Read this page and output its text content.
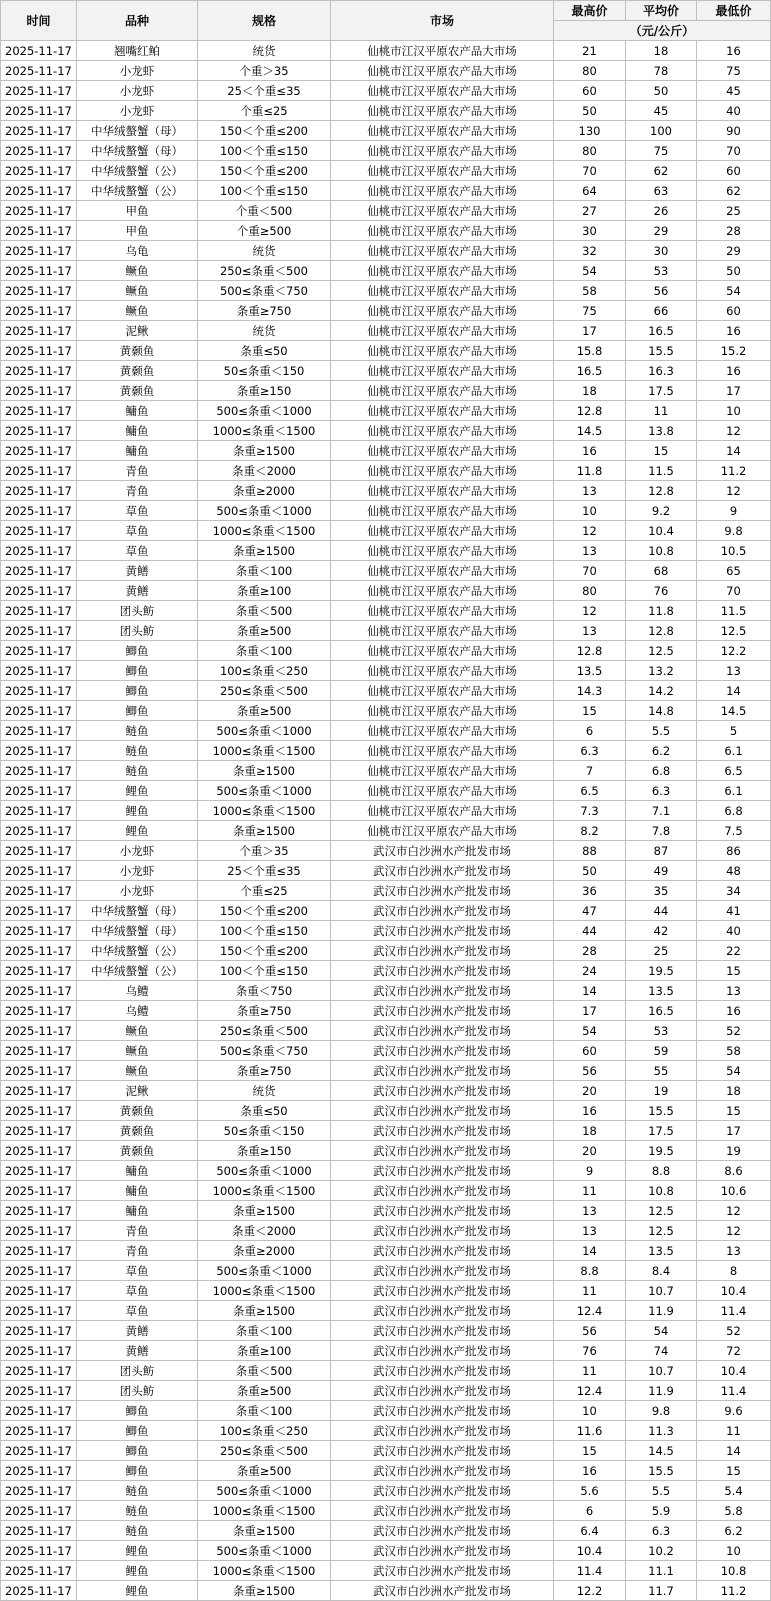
时间	品种	规格	市场	最高价	平均价	最低价
				（元/公斤）		
2025-11-17	翘嘴红鲌	统货	仙桃市江汉平原农产品大市场	21	18	16
2025-11-17	小龙虾	个重＞35	仙桃市江汉平原农产品大市场	80	78	75
2025-11-17	小龙虾	25＜个重≤35	仙桃市江汉平原农产品大市场	60	50	45
2025-11-17	小龙虾	个重≤25	仙桃市江汉平原农产品大市场	50	45	40
2025-11-17	中华绒螯蟹（母）	150＜个重≤200	仙桃市江汉平原农产品大市场	130	100	90
2025-11-17	中华绒螯蟹（母）	100＜个重≤150	仙桃市江汉平原农产品大市场	80	75	70
2025-11-17	中华绒螯蟹（公）	150＜个重≤200	仙桃市江汉平原农产品大市场	70	62	60
2025-11-17	中华绒螯蟹（公）	100＜个重≤150	仙桃市江汉平原农产品大市场	64	63	62
2025-11-17	甲鱼	个重＜500	仙桃市江汉平原农产品大市场	27	26	25
2025-11-17	甲鱼	个重≥500	仙桃市江汉平原农产品大市场	30	29	28
2025-11-17	乌龟	统货	仙桃市江汉平原农产品大市场	32	30	29
2025-11-17	鳜鱼	250≤条重＜500	仙桃市江汉平原农产品大市场	54	53	50
2025-11-17	鳜鱼	500≤条重＜750	仙桃市江汉平原农产品大市场	58	56	54
2025-11-17	鳜鱼	条重≥750	仙桃市江汉平原农产品大市场	75	66	60
2025-11-17	泥鳅	统货	仙桃市江汉平原农产品大市场	17	16.5	16
2025-11-17	黄颡鱼	条重≤50	仙桃市江汉平原农产品大市场	15.8	15.5	15.2
2025-11-17	黄颡鱼	50≤条重＜150	仙桃市江汉平原农产品大市场	16.5	16.3	16
2025-11-17	黄颡鱼	条重≥150	仙桃市江汉平原农产品大市场	18	17.5	17
2025-11-17	鳙鱼	500≤条重＜1000	仙桃市江汉平原农产品大市场	12.8	11	10
2025-11-17	鳙鱼	1000≤条重＜1500	仙桃市江汉平原农产品大市场	14.5	13.8	12
2025-11-17	鳙鱼	条重≥1500	仙桃市江汉平原农产品大市场	16	15	14
2025-11-17	青鱼	条重＜2000	仙桃市江汉平原农产品大市场	11.8	11.5	11.2
2025-11-17	青鱼	条重≥2000	仙桃市江汉平原农产品大市场	13	12.8	12
2025-11-17	草鱼	500≤条重＜1000	仙桃市江汉平原农产品大市场	10	9.2	9
2025-11-17	草鱼	1000≤条重＜1500	仙桃市江汉平原农产品大市场	12	10.4	9.8
2025-11-17	草鱼	条重≥1500	仙桃市江汉平原农产品大市场	13	10.8	10.5
2025-11-17	黄鳝	条重＜100	仙桃市江汉平原农产品大市场	70	68	65
2025-11-17	黄鳝	条重≥100	仙桃市江汉平原农产品大市场	80	76	70
2025-11-17	团头鲂	条重＜500	仙桃市江汉平原农产品大市场	12	11.8	11.5
2025-11-17	团头鲂	条重≥500	仙桃市江汉平原农产品大市场	13	12.8	12.5
2025-11-17	鲫鱼	条重＜100	仙桃市江汉平原农产品大市场	12.8	12.5	12.2
2025-11-17	鲫鱼	100≤条重＜250	仙桃市江汉平原农产品大市场	13.5	13.2	13
2025-11-17	鲫鱼	250≤条重＜500	仙桃市江汉平原农产品大市场	14.3	14.2	14
2025-11-17	鲫鱼	条重≥500	仙桃市江汉平原农产品大市场	15	14.8	14.5
2025-11-17	鲢鱼	500≤条重＜1000	仙桃市江汉平原农产品大市场	6	5.5	5
2025-11-17	鲢鱼	1000≤条重＜1500	仙桃市江汉平原农产品大市场	6.3	6.2	6.1
2025-11-17	鲢鱼	条重≥1500	仙桃市江汉平原农产品大市场	7	6.8	6.5
2025-11-17	鲤鱼	500≤条重＜1000	仙桃市江汉平原农产品大市场	6.5	6.3	6.1
2025-11-17	鲤鱼	1000≤条重＜1500	仙桃市江汉平原农产品大市场	7.3	7.1	6.8
2025-11-17	鲤鱼	条重≥1500	仙桃市江汉平原农产品大市场	8.2	7.8	7.5
2025-11-17	小龙虾	个重＞35	武汉市白沙洲水产批发市场	88	87	86
2025-11-17	小龙虾	25＜个重≤35	武汉市白沙洲水产批发市场	50	49	48
2025-11-17	小龙虾	个重≤25	武汉市白沙洲水产批发市场	36	35	34
2025-11-17	中华绒螯蟹（母）	150＜个重≤200	武汉市白沙洲水产批发市场	47	44	41
2025-11-17	中华绒螯蟹（母）	100＜个重≤150	武汉市白沙洲水产批发市场	44	42	40
2025-11-17	中华绒螯蟹（公）	150＜个重≤200	武汉市白沙洲水产批发市场	28	25	22
2025-11-17	中华绒螯蟹（公）	100＜个重≤150	武汉市白沙洲水产批发市场	24	19.5	15
2025-11-17	乌鳢	条重＜750	武汉市白沙洲水产批发市场	14	13.5	13
2025-11-17	乌鳢	条重≥750	武汉市白沙洲水产批发市场	17	16.5	16
2025-11-17	鳜鱼	250≤条重＜500	武汉市白沙洲水产批发市场	54	53	52
2025-11-17	鳜鱼	500≤条重＜750	武汉市白沙洲水产批发市场	60	59	58
2025-11-17	鳜鱼	条重≥750	武汉市白沙洲水产批发市场	56	55	54
2025-11-17	泥鳅	统货	武汉市白沙洲水产批发市场	20	19	18
2025-11-17	黄颡鱼	条重≤50	武汉市白沙洲水产批发市场	16	15.5	15
2025-11-17	黄颡鱼	50≤条重＜150	武汉市白沙洲水产批发市场	18	17.5	17
2025-11-17	黄颡鱼	条重≥150	武汉市白沙洲水产批发市场	20	19.5	19
2025-11-17	鳙鱼	500≤条重＜1000	武汉市白沙洲水产批发市场	9	8.8	8.6
2025-11-17	鳙鱼	1000≤条重＜1500	武汉市白沙洲水产批发市场	11	10.8	10.6
2025-11-17	鳙鱼	条重≥1500	武汉市白沙洲水产批发市场	13	12.5	12
2025-11-17	青鱼	条重＜2000	武汉市白沙洲水产批发市场	13	12.5	12
2025-11-17	青鱼	条重≥2000	武汉市白沙洲水产批发市场	14	13.5	13
2025-11-17	草鱼	500≤条重＜1000	武汉市白沙洲水产批发市场	8.8	8.4	8
2025-11-17	草鱼	1000≤条重＜1500	武汉市白沙洲水产批发市场	11	10.7	10.4
2025-11-17	草鱼	条重≥1500	武汉市白沙洲水产批发市场	12.4	11.9	11.4
2025-11-17	黄鳝	条重＜100	武汉市白沙洲水产批发市场	56	54	52
2025-11-17	黄鳝	条重≥100	武汉市白沙洲水产批发市场	76	74	72
2025-11-17	团头鲂	条重＜500	武汉市白沙洲水产批发市场	11	10.7	10.4
2025-11-17	团头鲂	条重≥500	武汉市白沙洲水产批发市场	12.4	11.9	11.4
2025-11-17	鲫鱼	条重＜100	武汉市白沙洲水产批发市场	10	9.8	9.6
2025-11-17	鲫鱼	100≤条重＜250	武汉市白沙洲水产批发市场	11.6	11.3	11
2025-11-17	鲫鱼	250≤条重＜500	武汉市白沙洲水产批发市场	15	14.5	14
2025-11-17	鲫鱼	条重≥500	武汉市白沙洲水产批发市场	16	15.5	15
2025-11-17	鲢鱼	500≤条重＜1000	武汉市白沙洲水产批发市场	5.6	5.5	5.4
2025-11-17	鲢鱼	1000≤条重＜1500	武汉市白沙洲水产批发市场	6	5.9	5.8
2025-11-17	鲢鱼	条重≥1500	武汉市白沙洲水产批发市场	6.4	6.3	6.2
2025-11-17	鲤鱼	500≤条重＜1000	武汉市白沙洲水产批发市场	10.4	10.2	10
2025-11-17	鲤鱼	1000≤条重＜1500	武汉市白沙洲水产批发市场	11.4	11.1	10.8
2025-11-17	鲤鱼	条重≥1500	武汉市白沙洲水产批发市场	12.2	11.7	11.2
